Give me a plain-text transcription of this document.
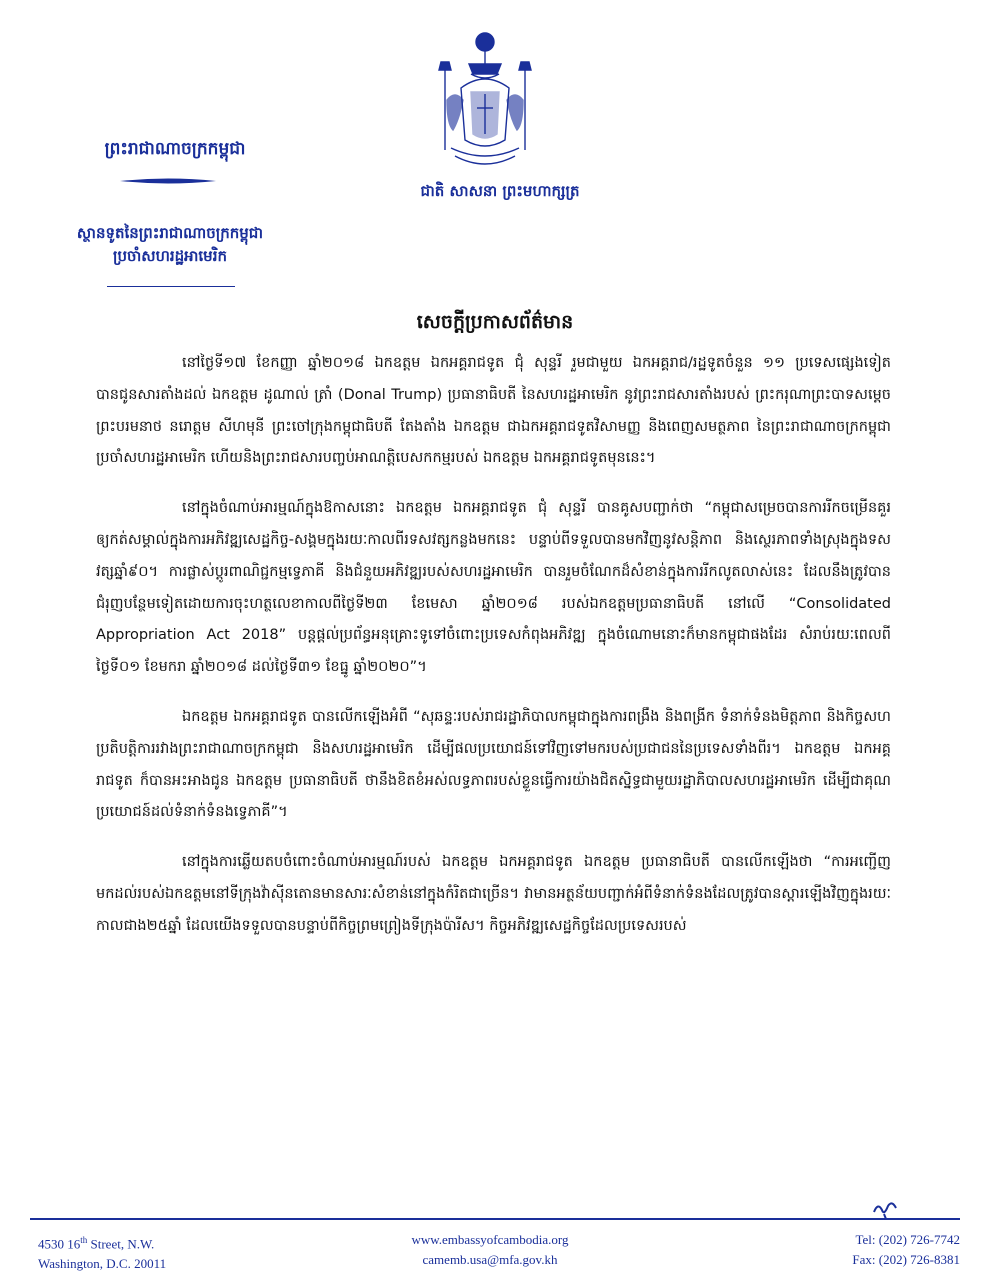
ជាតិ សាសនា ព្រះមហាក្សត្រ
ព្រះរាជាណាចក្រកម្ពុជា
ស្ថានទូតនៃព្រះរាជាណាចក្រកម្ពុជា
ប្រចាំសហរដ្ឋអាមេរិក
សេចក្តីប្រកាសព័ត៌មាន

នៅថ្ងៃទី១៧ ខែកញ្ញា ឆ្នាំ២០១៨ ឯកឧត្តម ឯកអគ្គរាជទូត ជុំ សុន្ទរី រួមជាមួយ ឯកអគ្គរាជ/រដ្ឋទូតចំនួន ១១ ប្រទេសផ្សេងទៀត បានជូនសារតាំងដល់ ឯកឧត្តម ដូណាល់ ត្រាំ (Donal Trump) ប្រធានាធិបតី នៃសហរដ្ឋអាមេរិក នូវព្រះរាជសារតាំងរបស់ ព្រះករុណាព្រះបាទសម្តេចព្រះបរមនាថ នរោត្តម សីហមុនី ព្រះចៅក្រុងកម្ពុជាធិបតី តែងតាំង ឯកឧត្តម ជាឯកអគ្គរាជទូតវិសាមញ្ញ និងពេញសមត្ថភាព នៃព្រះរាជាណាចក្រកម្ពុជាប្រចាំសហរដ្ឋអាមេរិក ហើយនិងព្រះរាជសារបញ្ចប់អាណត្តិបេសកកម្មរបស់ ឯកឧត្តម ឯកអគ្គរាជទូតមុននេះ។

នៅក្នុងចំណាប់អារម្មណ៍ក្នុងឱកាសនោះ ឯកឧត្តម ឯកអគ្គរាជទូត ជុំ សុន្ទរី បានគូសបញ្ជាក់ថា “កម្ពុជាសម្រេចបានការរីកចម្រើនគួរឲ្យកត់សម្គាល់ក្នុងការអភិវឌ្ឍសេដ្ឋកិច្ច-សង្គមក្នុងរយៈកាលពីរទសវត្សកន្លងមកនេះ បន្ទាប់ពីទទួលបានមកវិញនូវសន្តិភាព និងស្ថេរភាពទាំងស្រុងក្នុងទសវត្សឆ្នាំ៩០។ ការផ្លាស់ប្តូរពាណិជ្ជកម្មទ្វេភាគី និងជំនួយអភិវឌ្ឍរបស់សហរដ្ឋអាមេរិក បានរួមចំណែកដ៏សំខាន់ក្នុងការរីកលូតលាស់នេះ ដែលនឹងត្រូវបានជំរុញបន្ថែមទៀតដោយការចុះហត្ថលេខាកាលពីថ្ងៃទី២៣ ខែមេសា ឆ្នាំ២០១៨ របស់ឯកឧត្តមប្រធានាធិបតី នៅលើ “Consolidated Appropriation Act 2018” បន្តផ្តល់ប្រព័ន្ធអនុគ្រោះទូទៅចំពោះប្រទេសកំពុងអភិវឌ្ឍ ក្នុងចំណោមនោះក៏មានកម្ពុជាផងដែរ សំរាប់រយៈពេលពីថ្ងៃទី០១ ខែមករា ឆ្នាំ២០១៨ ដល់ថ្ងៃទី៣១ ខែធ្នូ ឆ្នាំ២០២០”។

ឯកឧត្តម ឯកអគ្គរាជទូត បានលើកឡើងអំពី “សុឆន្ទៈរបស់រាជរដ្ឋាភិបាលកម្ពុជាក្នុងការពង្រឹង និងពង្រីក ទំនាក់ទំនងមិត្តភាព និងកិច្ចសហប្រតិបត្តិការរវាងព្រះរាជាណាចក្រកម្ពុជា និងសហរដ្ឋអាមេរិក ដើម្បីផលប្រយោជន៍ទៅវិញទៅមករបស់ប្រជាជននៃប្រទេសទាំងពីរ។ ឯកឧត្តម ឯកអគ្គរាជទូត ក៏បានអះអាងជូន ឯកឧត្តម ប្រធានាធិបតី ថានឹងខិតខំអស់លទ្ធភាពរបស់ខ្លួនធ្វើការយ៉ាងជិតស្និទ្ធជាមួយរដ្ឋាភិបាលសហរដ្ឋអាមេរិក ដើម្បីជាគុណប្រយោជន៍ដល់ទំនាក់ទំនងទ្វេភាគី”។

នៅក្នុងការឆ្លើយតបចំពោះចំណាប់អារម្មណ៍របស់ ឯកឧត្តម ឯកអគ្គរាជទូត ឯកឧត្តម ប្រធានាធិបតី បានលើកឡើងថា “ការអញ្ជើញមកដល់របស់ឯកឧត្តមនៅទីក្រុងវ៉ាស៊ីនតោនមានសារៈសំខាន់នៅក្នុងកំរិតជាច្រើន។ វាមានអត្ថន័យបញ្ជាក់អំពីទំនាក់ទំនងដែលត្រូវបានស្តារឡើងវិញក្នុងរយៈកាលជាង២៥ឆ្នាំ ដែលយើងទទួលបានបន្ទាប់ពីកិច្ចព្រមព្រៀងទីក្រុងប៉ារីស។ កិច្ចអភិវឌ្ឍសេដ្ឋកិច្ចដែលប្រទេសរបស់

4530 16th Street, N.W.
Washington, D.C. 20011
www.embassyofcambodia.org
camemb.usa@mfa.gov.kh
Tel: (202) 726-7742
Fax: (202) 726-8381
